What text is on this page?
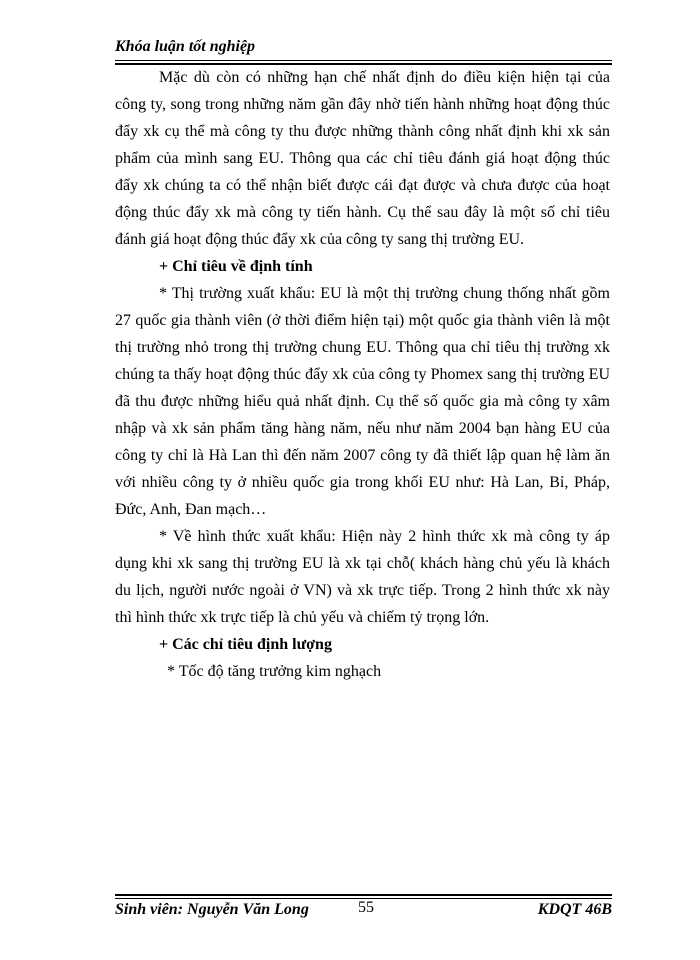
Khóa luận tốt nghiệp

Mặc dù còn có những hạn chế nhất định do điều kiện hiện tại của công ty, song trong những năm gần đây nhờ tiến hành những hoạt động thúc đẩy xk cụ thể mà công ty thu được những thành công nhất định khi xk sản phẩm của mình sang EU. Thông qua các chỉ tiêu đánh giá hoạt động thúc đẩy xk chúng ta có thể nhận biết được cái đạt được và chưa được của hoạt động thúc đẩy xk mà công ty tiến hành. Cụ thể sau đây là một số chỉ tiêu đánh giá hoạt động thúc đẩy xk của công ty sang thị trường EU.

+ Chỉ tiêu về định tính

* Thị trường xuất khẩu: EU là một thị trường chung thống nhất gồm 27 quốc gia thành viên (ở thời điểm hiện tại) một quốc gia thành viên là một thị trường nhỏ trong thị trường chung EU. Thông qua chỉ tiêu thị trường xk chúng ta thấy hoạt động thúc đẩy xk của công ty Phomex sang thị trường EU đã thu được những hiểu quả nhất định. Cụ thể số quốc gia mà công ty xâm nhập và xk sản phẩm tăng hàng năm, nếu như năm 2004 bạn hàng EU của công ty chỉ là Hà Lan thì đến năm 2007 công ty đã thiết lập quan hệ làm ăn với nhiều công ty ở nhiều quốc gia trong khối EU như: Hà Lan, Bỉ, Pháp, Đức, Anh, Đan mạch…

* Về hình thức xuất khẩu: Hiện này 2 hình thức xk mà công ty áp dụng khi xk sang thị trường EU là xk tại chỗ( khách hàng chủ yếu là khách du lịch, người nước ngoài ở VN) và xk trực tiếp. Trong 2 hình thức xk này thì hình thức xk trực tiếp là chủ yếu và chiếm tỷ trọng lớn.

+ Các chỉ tiêu định lượng

* Tốc độ tăng trưởng kim nghạch

Sinh viên: Nguyễn Văn Long	55	KDQT 46B
